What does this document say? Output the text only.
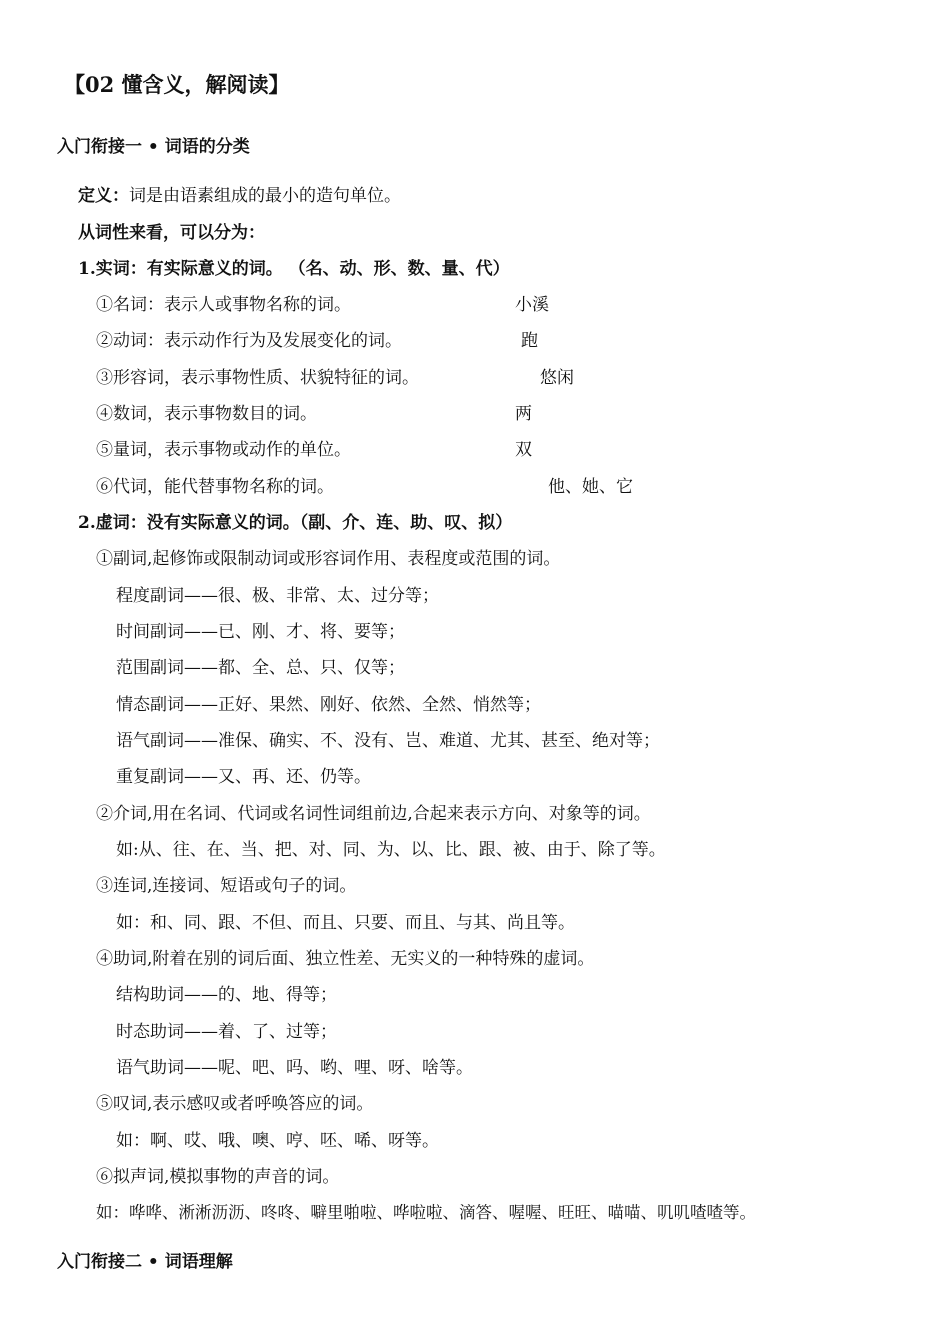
【02 懂含义，解阅读】
入门衔接一 • 词语的分类
定义：词是由语素组成的最小的造句单位。
从词性来看，可以分为：
1.实词：有实际意义的词。 （名、动、形、数、量、代）
①名词：表示人或事物名称的词。	小溪
②动词：表示动作行为及发展变化的词。	跑
③形容词，表示事物性质、状貌特征的词。	悠闲
④数词，表示事物数目的词。	两
⑤量词，表示事物或动作的单位。	双
⑥代词，能代替事物名称的词。	他、她、它
2.虚词：没有实际意义的词。（副、介、连、助、叹、拟）
①副词,起修饰或限制动词或形容词作用、表程度或范围的词。
程度副词——很、极、非常、太、过分等；
时间副词——已、刚、才、将、要等；
范围副词——都、全、总、只、仅等；
情态副词——正好、果然、刚好、依然、全然、悄然等；
语气副词——准保、确实、不、没有、岂、难道、尤其、甚至、绝对等；
重复副词——又、再、还、仍等。
②介词,用在名词、代词或名词性词组前边,合起来表示方向、对象等的词。
如:从、往、在、当、把、对、同、为、以、比、跟、被、由于、除了等。
③连词,连接词、短语或句子的词。
如：和、同、跟、不但、而且、只要、而且、与其、尚且等。
④助词,附着在别的词后面、独立性差、无实义的一种特殊的虚词。
结构助词——的、地、得等；
时态助词——着、了、过等；
语气助词——呢、吧、吗、哟、哩、呀、啥等。
⑤叹词,表示感叹或者呼唤答应的词。
如：啊、哎、哦、噢、哼、呸、唏、呀等。
⑥拟声词,模拟事物的声音的词。
如：哗哗、淅淅沥沥、咚咚、噼里啪啦、哗啦啦、滴答、喔喔、旺旺、喵喵、叽叽喳喳等。
入门衔接二 • 词语理解
